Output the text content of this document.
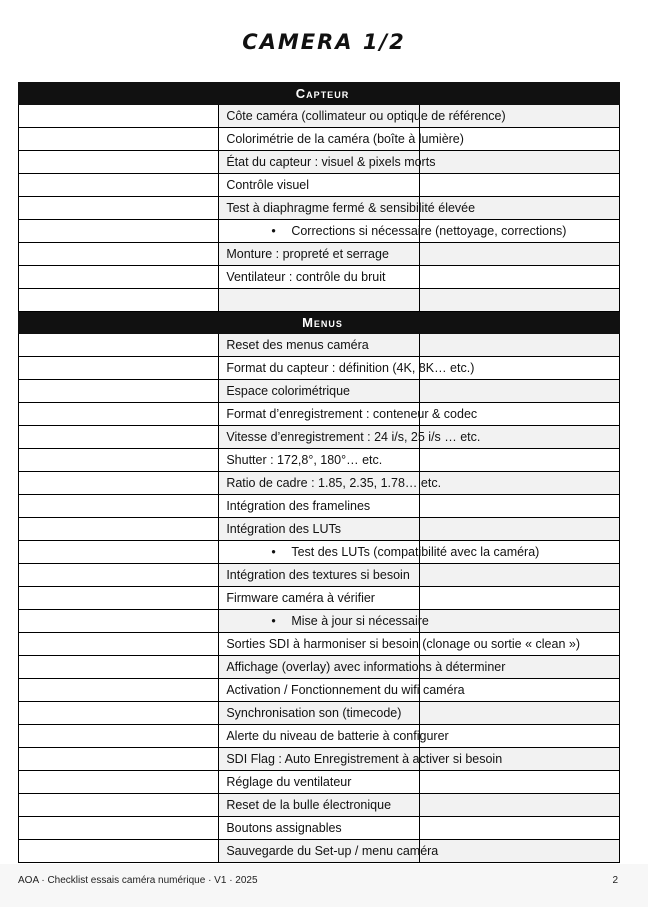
CAMERA 1/2
Capteur		
	Côte caméra (collimateur ou optique de référence)	
	Colorimétrie de la caméra (boîte à lumière)	
	État du capteur : visuel & pixels morts	
	Contrôle visuel	
	Test à diaphragme fermé & sensibilité élevée	
	• Corrections si nécessaire (nettoyage, corrections)	
	Monture : propreté et serrage	
	Ventilateur : contrôle du bruit	

Menus		
	Reset des menus caméra	
	Format du capteur : définition (4K, 8K… etc.)	
	Espace colorimétrique	
	Format d’enregistrement : conteneur & codec	
	Vitesse d’enregistrement : 24 i/s, 25 i/s … etc.	
	Shutter : 172,8°, 180°… etc.	
	Ratio de cadre : 1.85, 2.35, 1.78… etc.	
	Intégration des framelines	
	Intégration des LUTs	
	• Test des LUTs (compatibilité avec la caméra)	
	Intégration des textures si besoin	
	Firmware caméra à vérifier	
	• Mise à jour si nécessaire	
	Sorties SDI à harmoniser si besoin (clonage ou sortie « clean »)	
	Affichage (overlay) avec informations à déterminer	
	Activation / Fonctionnement du wifi caméra	
	Synchronisation son (timecode)	
	Alerte du niveau de batterie à configurer	
	SDI Flag : Auto Enregistrement à activer si besoin	
	Réglage du ventilateur	
	Reset de la bulle électronique	
	Boutons assignables	
	Sauvegarde du Set-up / menu caméra	
AOA · Checklist essais caméra numérique · V1 · 2025	2
